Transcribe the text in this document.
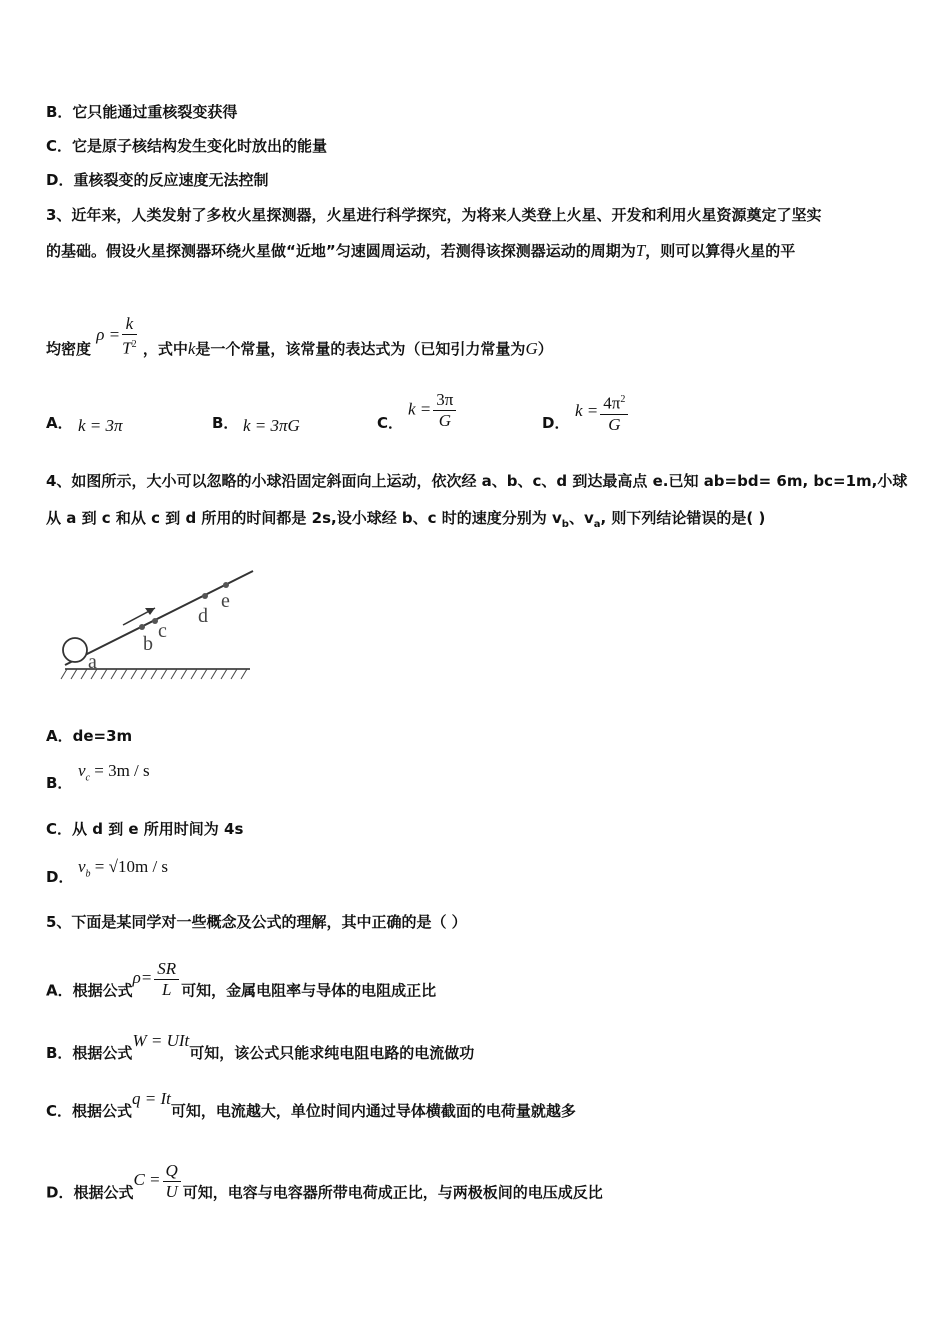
B．它只能通过重核裂变获得
C．它是原子核结构发生变化时放出的能量
D．重核裂变的反应速度无法控制
3、近年来，人类发射了多枚火星探测器，火星进行科学探究，为将来人类登上火星、开发和利用火星资源奠定了坚实
的基础。假设火星探测器环绕火星做“近地”匀速圆周运动，若测得该探测器运动的周期为T，则可以算得火星的平
均密度 $\rho = \frac{k}{T^2}$ ，式中k是一个常量，该常量的表达式为（已知引力常量为G）
A． k = 3π	B． k = 3πG	C．
$k = \frac{3\pi}{G}$	D．
$k = \frac{4\pi^2}{G}$
4、如图所示，大小可以忽略的小球沿固定斜面向上运动，依次经 a、b、c、d 到达最高点 e.已知 ab=bd= 6m, bc=1m,小球
从 a 到 c 和从 c 到 d 所用的时间都是 2s,设小球经 b、c 时的速度分别为 $v_b$、$v_a$, 则下列结论错误的是( )
a
b
c
d
e
A．de=3m
B．
$v_c = 3m / s$
C．从 d 到 e 所用时间为 4s
D．
$v_b = √10m / s$
5、下面是某同学对一些概念及公式的理解，其中正确的是（ ）
A．根据公式$\rho= \frac{SR}{L}$ 可知，金属电阻率与导体的电阻成正比
B．根据公式W = UIt可知，该公式只能求纯电阻电路的电流做功
C．根据公式q = It可知，电流越大，单位时间内通过导体横截面的电荷量就越多
D．根据公式$C = \frac{Q}{U}$ 可知，电容与电容器所带电荷成正比，与两极板间的电压成反比
